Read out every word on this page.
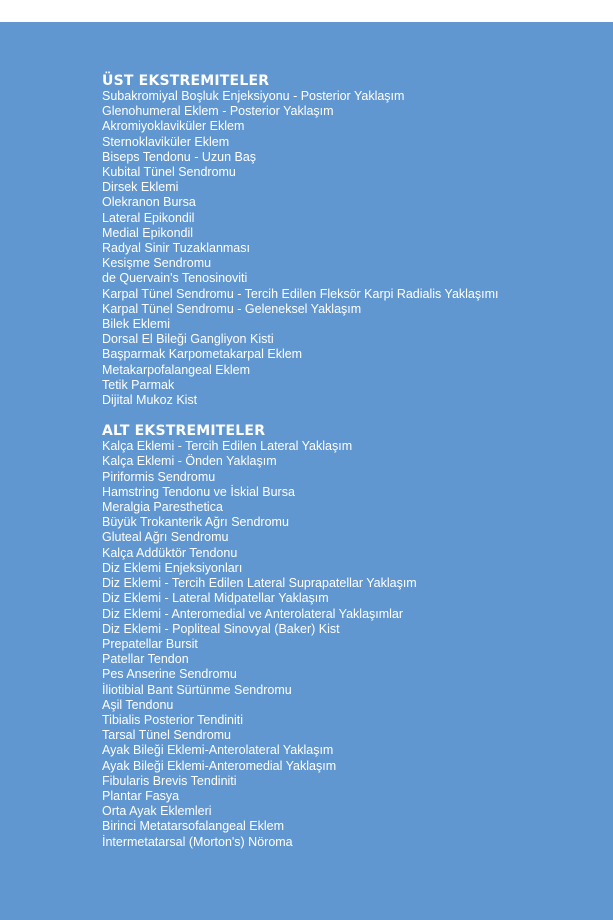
ÜST EKSTREMITELER
Subakromiyal Boşluk Enjeksiyonu - Posterior Yaklaşım
Glenohumeral Eklem - Posterior Yaklaşım
Akromiyoklaviküler Eklem
Sternoklaviküler Eklem
Biseps Tendonu - Uzun Baş
Kubital Tünel Sendromu
Dirsek Eklemi
Olekranon Bursa
Lateral Epikondil
Medial Epikondil
Radyal Sinir Tuzaklanması
Kesişme Sendromu
de Quervain's Tenosinoviti
Karpal Tünel Sendromu - Tercih Edilen Fleksör Karpi Radialis Yaklaşımı
Karpal Tünel Sendromu - Geleneksel Yaklaşım
Bilek Eklemi
Dorsal El Bileği Gangliyon Kisti
Başparmak Karpometakarpal Eklem
Metakarpofalangeal Eklem
Tetik Parmak
Dijital Mukoz Kist
ALT EKSTREMITELER
Kalça Eklemi - Tercih Edilen Lateral Yaklaşım
Kalça Eklemi - Önden Yaklaşım
Piriformis Sendromu
Hamstring Tendonu ve İskial Bursa
Meralgia Paresthetica
Büyük Trokanterik Ağrı Sendromu
Gluteal Ağrı Sendromu
Kalça Addüktör Tendonu
Diz Eklemi Enjeksiyonları
Diz Eklemi - Tercih Edilen Lateral Suprapatellar Yaklaşım
Diz Eklemi - Lateral Midpatellar Yaklaşım
Diz Eklemi - Anteromedial ve Anterolateral Yaklaşımlar
Diz Eklemi - Popliteal Sinovyal (Baker) Kist
Prepatellar Bursit
Patellar Tendon
Pes Anserine Sendromu
İliotibial Bant Sürtünme Sendromu
Aşil Tendonu
Tibialis Posterior Tendiniti
Tarsal Tünel Sendromu
Ayak Bileği Eklemi-Anterolateral Yaklaşım
Ayak Bileği Eklemi-Anteromedial Yaklaşım
Fibularis Brevis Tendiniti
Plantar Fasya
Orta Ayak Eklemleri
Birinci Metatarsofalangeal Eklem
İntermetatarsal (Morton's) Nöroma
